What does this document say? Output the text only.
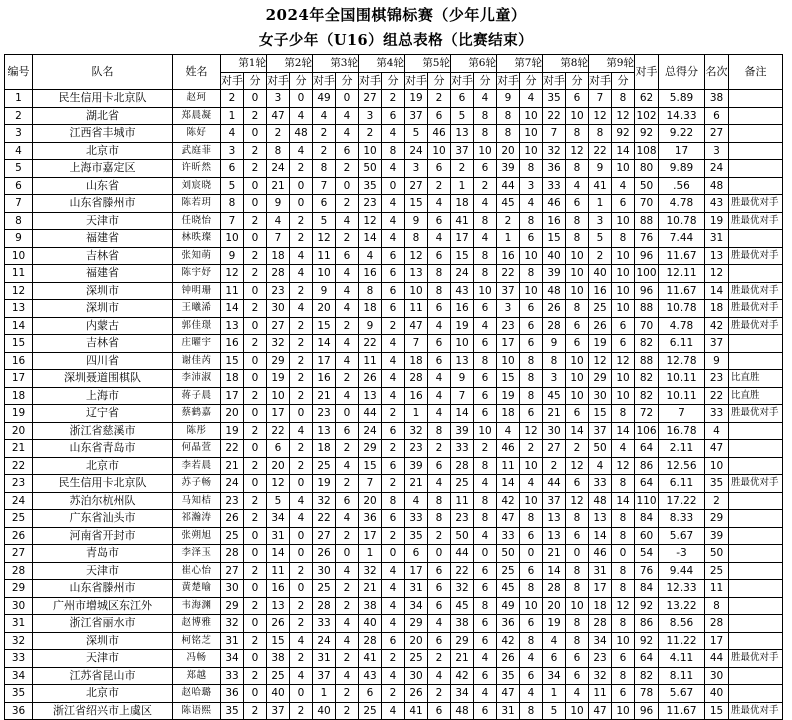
2024年全国围棋锦标赛（少年儿童）
女子少年（U16）组总表格（比赛结束）
编号	队名	姓名	第1轮		第2轮		第3轮		第4轮		第5轮		第6轮		第7轮		第8轮		第9轮		对手	总得分	名次	备注
			对手	分	对手	分	对手	分	对手	分	对手	分	对手	分	对手	分	对手	分	对手	分				
1	民生信用卡北京队	赵珂	2	0	3	0	49	0	27	2	19	2	6	4	9	4	35	6	7	8	62	5.89	38	
2	湖北省	郑晨凝	1	2	47	4	4	4	3	6	37	6	5	8	8	10	22	10	12	12	102	14.33	6	
3	江西省丰城市	陈好	4	0	2	48	2	4	2	4	5	46	13	8	8	10	7	8	8	92	92	9.22	27	
4	北京市	武庭菲	3	2	8	4	2	6	10	8	24	10	37	10	20	10	32	12	22	14	108	17	3	
5	上海市嘉定区	许昕然	6	2	24	2	8	2	50	4	3	6	2	6	39	8	36	8	9	10	80	9.89	24	
6	山东省	刘宸晓	5	0	21	0	7	0	35	0	27	2	1	2	44	3	33	4	41	4	50	.56	48	
7	山东省滕州市	陈若玥	8	0	9	0	6	2	23	4	15	4	18	4	45	4	46	6	1	6	70	4.78	43	胜最优对手
8	天津市	任晓怡	7	2	4	2	5	4	12	4	9	6	41	8	2	8	16	8	3	10	88	10.78	19	胜最优对手
9	福建省	林昳璨	10	0	7	2	12	2	14	4	8	4	17	4	1	6	15	8	5	8	76	7.44	31	
10	吉林省	张知萌	9	2	18	4	11	6	4	6	12	6	15	8	16	10	40	10	2	10	96	11.67	13	胜最优对手
11	福建省	陈宇妤	12	2	28	4	10	4	16	6	13	8	24	8	22	8	39	10	40	10	100	12.11	12	
12	深圳市	钟明珊	11	0	23	2	9	4	8	6	10	8	43	10	37	10	48	10	16	10	96	11.67	14	胜最优对手
13	深圳市	王曦浠	14	2	30	4	20	4	18	6	11	6	16	6	3	6	26	8	25	10	88	10.78	18	胜最优对手
14	内蒙古	郭佳璟	13	0	27	2	15	2	9	2	47	4	19	4	23	6	28	6	26	6	70	4.78	42	胜最优对手
15	吉林省	庄曜宇	16	2	32	2	14	4	22	4	7	6	10	6	17	6	9	6	19	6	82	6.11	37	
16	四川省	谢佳芮	15	0	29	2	17	4	11	4	18	6	13	8	10	8	8	10	12	12	88	12.78	9	
17	深圳聂道围棋队	李沛淑	18	0	19	2	16	2	26	4	28	4	9	6	15	8	3	10	29	10	82	10.11	23	比直胜
18	上海市	蒋子晨	17	2	10	2	21	4	13	4	16	4	7	6	19	8	45	10	30	10	82	10.11	22	比直胜
19	辽宁省	蔡鹤嘉	20	0	17	0	23	0	44	2	1	4	14	6	18	6	21	6	15	8	72	7	33	胜最优对手
20	浙江省慈溪市	陈彤	19	2	22	4	13	6	24	6	32	8	39	10	4	12	30	14	37	14	106	16.78	4	
21	山东省青岛市	何晶萱	22	0	6	2	18	2	29	2	23	2	33	2	46	2	27	2	50	4	64	2.11	47	
22	北京市	李若晨	21	2	20	2	25	4	15	6	39	6	28	8	11	10	2	12	4	12	86	12.56	10	
23	民生信用卡北京队	苏子畅	24	0	12	0	19	2	7	2	21	4	25	4	14	4	44	6	33	8	64	6.11	35	胜最优对手
24	苏泊尔杭州队	马知桔	23	2	5	4	32	6	20	8	4	8	11	8	42	10	37	12	48	14	110	17.22	2	
25	广东省汕头市	祁瀚涛	26	2	34	4	22	4	36	6	33	8	23	8	47	8	13	8	13	8	84	8.33	29	
26	河南省开封市	张朔旭	25	0	31	0	27	2	17	2	35	2	50	4	33	6	13	6	14	8	60	5.67	39	
27	青岛市	李泽玉	28	0	14	0	26	0	1	0	6	0	44	0	50	0	21	0	46	0	54	-3	50	
28	天津市	崔心怡	27	2	11	2	30	4	32	4	17	6	22	6	25	6	14	8	31	8	76	9.44	25	
29	山东省滕州市	黄楚喻	30	0	16	0	25	2	21	4	31	6	32	6	45	8	28	8	17	8	84	12.33	11	
30	广州市增城区东江外	韦海渊	29	2	13	2	28	2	38	4	34	6	45	8	49	10	20	10	18	12	92	13.22	8	
31	浙江省丽水市	赵博雅	32	0	26	2	33	4	40	4	29	4	38	6	36	6	19	8	28	8	86	8.56	28	
32	深圳市	柯铭芝	31	2	15	4	24	4	28	6	20	6	29	6	42	8	4	8	34	10	92	11.22	17	
33	天津市	冯畅	34	0	38	2	31	2	41	2	25	2	21	4	26	4	6	6	23	6	64	4.11	44	胜最优对手
34	江苏省昆山市	郑越	33	2	25	4	37	4	43	4	30	4	42	6	35	6	34	6	32	8	82	8.11	30	
35	北京市	赵哈璐	36	0	40	0	1	2	6	2	26	2	34	4	47	4	1	4	11	6	78	5.67	40	
36	浙江省绍兴市上虞区	陈语熙	35	2	37	2	40	2	25	4	41	6	48	6	31	8	5	10	47	10	96	11.67	15	胜最优对手
